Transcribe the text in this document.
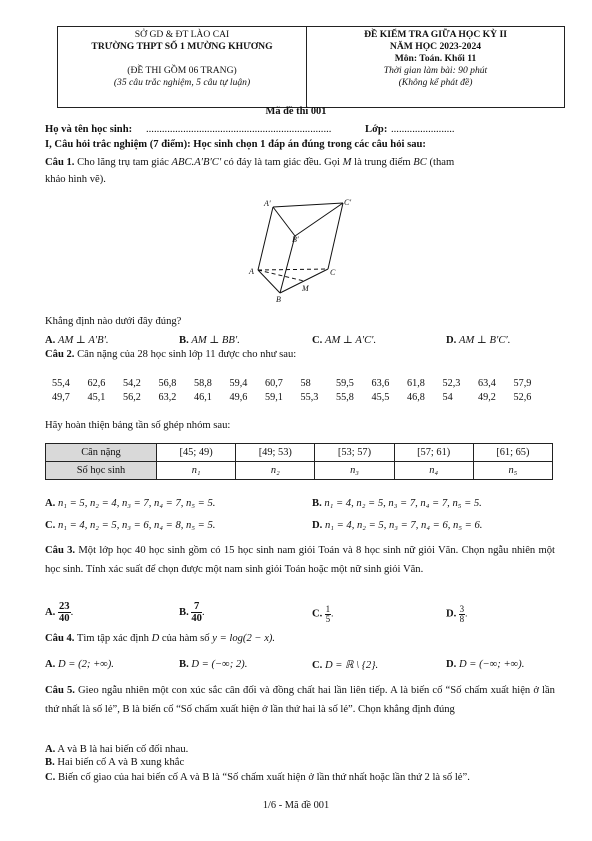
SỞ GD & ĐT LÀO CAI
TRƯỜNG THPT SỐ 1 MƯỜNG KHƯƠNG
(ĐỀ THI GỒM 06 TRANG)
(35 câu trắc nghiệm, 5 câu tự luận)
ĐỀ KIỂM TRA GIỮA HỌC KỲ II
NĂM HỌC 2023-2024
Môn: Toán. Khối 11
Thời gian làm bài: 90 phút
(Không kể phát đề)
Mã đề thi 001
Họ và tên học sinh: ......................................................................	Lớp: ........................
I, Câu hỏi trắc nghiệm (7 điểm): Học sinh chọn 1 đáp án đúng trong các câu hỏi sau:
Câu 1. Cho lăng trụ tam giác ABC.A′B′C′ có đáy là tam giác đều. Gọi M là trung điểm BC (tham
khảo hình vẽ).
A′	C′
B′
A	C
M
B
Khẳng định nào dưới đây đúng?
A. AM ⊥ A′B′.	B. AM ⊥ BB′.	C. AM ⊥ A′C′.	D. AM ⊥ B′C′.
Câu 2. Cân nặng của 28 học sinh lớp 11 được cho như sau:
55,4 62,6 54,2 56,8 58,8 59,4 60,7 58 59,5 63,6 61,8 52,3 63,4 57,9
49,7 45,1 56,2 63,2 46,1 49,6 59,1 55,3 55,8 45,5 46,8 54 49,2 52,6
Hãy hoàn thiện bảng tần số ghép nhóm sau:
Cân nặng	[45; 49)	[49; 53)	[53; 57)	[57; 61)	[61; 65)
Số học sinh	n₁	n₂	n₃	n₄	n₅
A. n₁ = 5, n₂ = 4, n₃ = 7, n₄ = 7, n₅ = 5.	B. n₁ = 4, n₂ = 5, n₃ = 7, n₄ = 7, n₅ = 5.
C. n₁ = 4, n₂ = 5, n₃ = 6, n₄ = 8, n₅ = 5.	D. n₁ = 4, n₂ = 5, n₃ = 7, n₄ = 6, n₅ = 6.
Câu 3. Một lớp học 40 học sinh gồm có 15 học sinh nam giỏi Toán và 8 học sinh nữ giỏi Văn. Chọn ngẫu nhiên một học sinh. Tính xác suất để chọn được một nam sinh giỏi Toán hoặc một nữ sinh giỏi Văn.
A. $\frac{23}{40}$ .	B. $\frac{7}{40}$ .	C. $\frac{1}{5}$ .	D. $\frac{3}{8}$ .
Câu 4. Tìm tập xác định D của hàm số y = log(2 − x).
A. D = (2; +∞).	B. D = (−∞; 2).	C. D = ℝ \ {2}.	D. D = (−∞; +∞).
Câu 5. Gieo ngẫu nhiên một con xúc sắc cân đối và đồng chất hai lần liên tiếp. A là biến cố “Số chấm xuất hiện ở lần thứ nhất là số lẻ”, B là biến cố “Số chấm xuất hiện ở lần thứ hai là số lẻ”. Chọn khẳng định đúng
A. A và B là hai biến cố đối nhau.
B. Hai biến cố A và B xung khắc
C. Biến cố giao của hai biến cố A và B là “Số chấm xuất hiện ở lần thứ nhất hoặc lần thứ 2 là số lẻ”.
1/6 - Mã đề 001
